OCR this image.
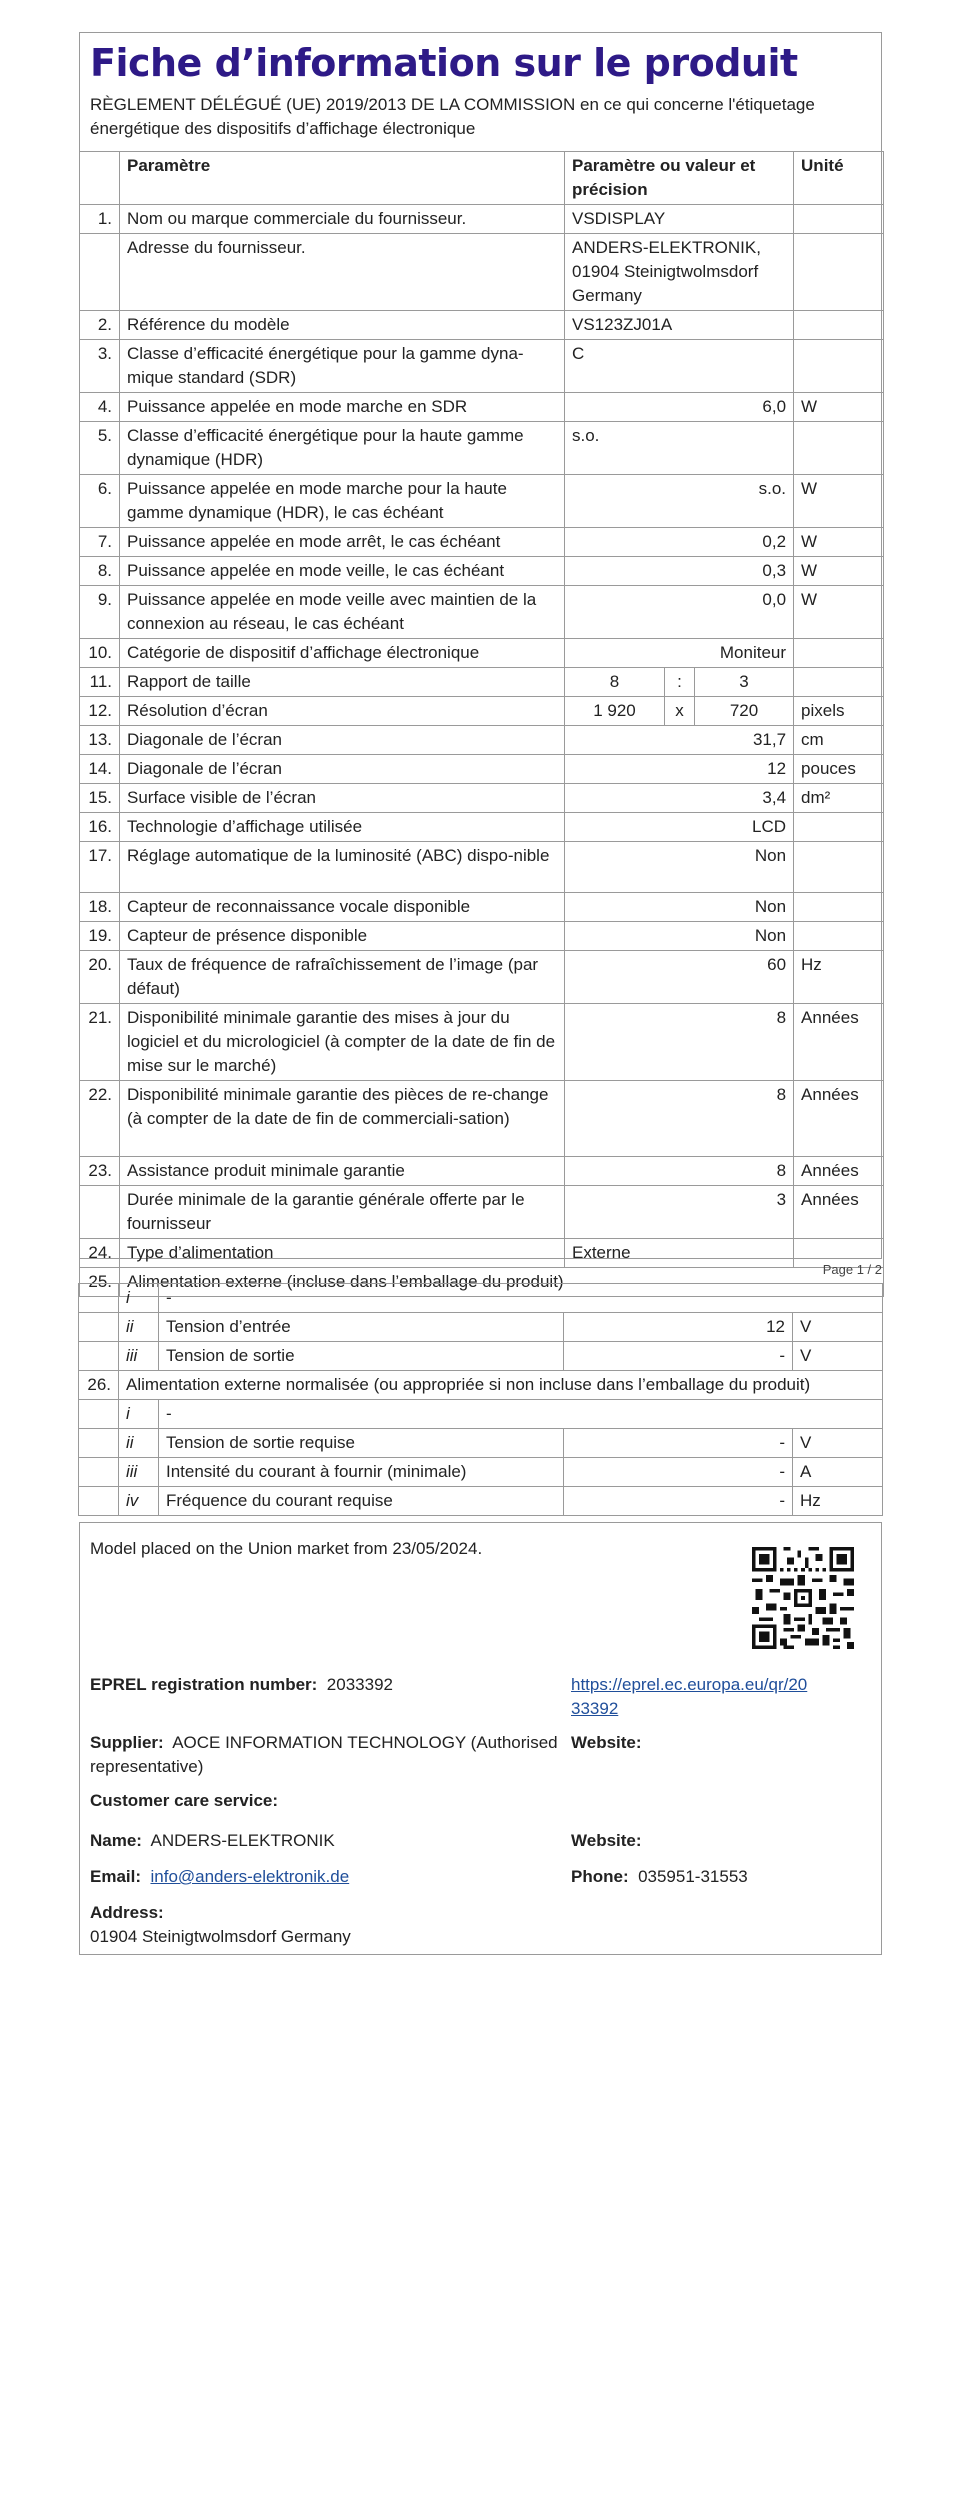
Fiche d’information sur le produit
RÈGLEMENT DÉLÉGUÉ (UE) 2019/2013 DE LA COMMISSION en ce qui concerne l'étiquetage énergétique des dispositifs d’affichage électronique
	Paramètre	Paramètre ou valeur et précision			Unité
1.	Nom ou marque commerciale du fournisseur.	VSDISPLAY			
	Adresse du fournisseur.	ANDERS-ELEKTRONIK, 01904 Steinigtwolmsdorf Germany			
2.	Référence du modèle	VS123ZJ01A			
3.	Classe d’efficacité énergétique pour la gamme dyna-mique standard (SDR)	C			
4.	Puissance appelée en mode marche en SDR	6,0			W
5.	Classe d’efficacité énergétique pour la haute gamme dynamique (HDR)	s.o.			
6.	Puissance appelée en mode marche pour la haute gamme dynamique (HDR), le cas échéant	s.o.			W
7.	Puissance appelée en mode arrêt, le cas échéant	0,2			W
8.	Puissance appelée en mode veille, le cas échéant	0,3			W
9.	Puissance appelée en mode veille avec maintien de la connexion au réseau, le cas échéant	0,0			W
10.	Catégorie de dispositif d’affichage électronique	Moniteur			
11.	Rapport de taille	8	:	3	
12.	Résolution d’écran	1 920	x	720	pixels
13.	Diagonale de l’écran	31,7			cm
14.	Diagonale de l’écran	12			pouces
15.	Surface visible de l’écran	3,4			dm²
16.	Technologie d’affichage utilisée	LCD			
17.	Réglage automatique de la luminosité (ABC) dispo-nible	Non			
18.	Capteur de reconnaissance vocale disponible	Non			
19.	Capteur de présence disponible	Non			
20.	Taux de fréquence de rafraîchissement de l’image (par défaut)	60			Hz
21.	Disponibilité minimale garantie des mises à jour du logiciel et du micrologiciel (à compter de la date de fin de mise sur le marché)	8			Années
22.	Disponibilité minimale garantie des pièces de re-change (à compter de la date de fin de commerciali-sation)	8			Années
23.	Assistance produit minimale garantie	8			Années
	Durée minimale de la garantie générale offerte par le fournisseur	3			Années
24.	Type d’alimentation	Externe			
25.	Alimentation externe (incluse dans l’emballage du produit)				
Page 1 / 2
	i	-		
	ii	Tension d’entrée	12	V
	iii	Tension de sortie	-	V
26.	Alimentation externe normalisée (ou appropriée si non incluse dans l’emballage du produit)			
	i	-		
	ii	Tension de sortie requise	-	V
	iii	Intensité du courant à fournir (minimale)	-	A
	iv	Fréquence du courant requise	-	Hz
Model placed on the Union market from 23/05/2024.
EPREL registration number: 2033392	https://eprel.ec.europa.eu/qr/20
33392
Supplier: AOCE INFORMATION TECHNOLOGY (Authorised
representative)
Website:
Customer care service:
Name: ANDERS-ELEKTRONIK	Website:
Email: info@anders-elektronik.de	Phone: 035951-31553
Address:
01904 Steinigtwolmsdorf Germany
